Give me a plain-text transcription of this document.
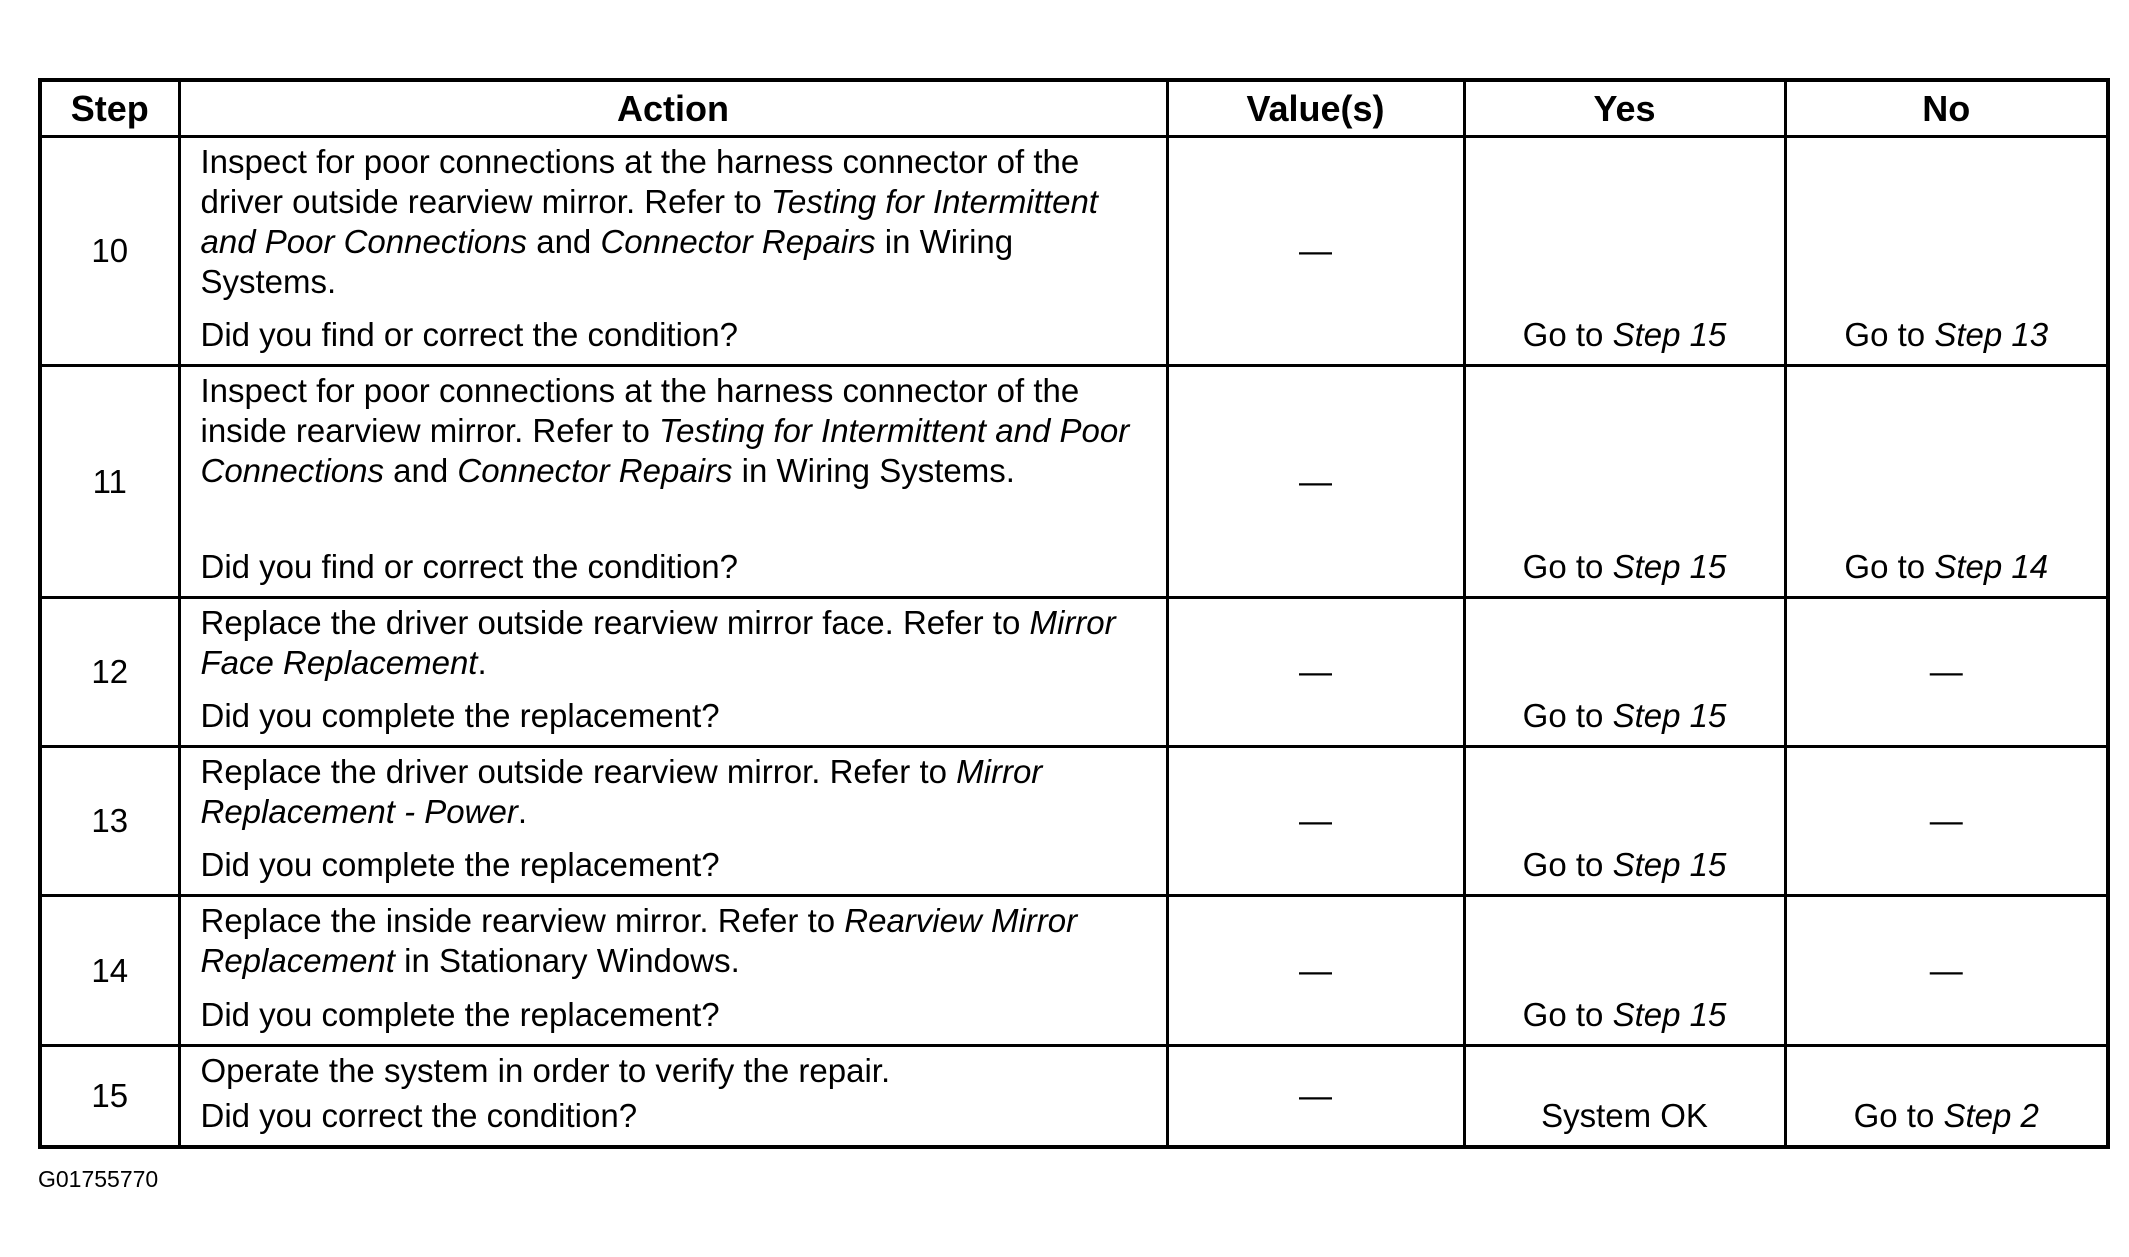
Step	Action	Value(s)	Yes	No
10	Inspect for poor connections at the harness connector of the driver outside rearview mirror. Refer to Testing for Intermittent and Poor Connections and Connector Repairs in Wiring Systems.
Did you find or correct the condition?	—	Go to Step 15	Go to Step 13

11	Inspect for poor connections at the harness connector of the inside rearview mirror. Refer to Testing for Intermittent and Poor Connections and Connector Repairs in Wiring Systems.
Did you find or correct the condition?	—	Go to Step 15	Go to Step 14

12	Replace the driver outside rearview mirror face. Refer to Mirror Face Replacement.
Did you complete the replacement?	—	Go to Step 15	—
13	Replace the driver outside rearview mirror. Refer to Mirror Replacement - Power.
Did you complete the replacement?	—	Go to Step 15	—
14	Replace the inside rearview mirror. Refer to Rearview Mirror Replacement in Stationary Windows.
Did you complete the replacement?	—	Go to Step 15	—
15	Operate the system in order to verify the repair.
Did you correct the condition?	—	System OK	Go to Step 2
G01755770
